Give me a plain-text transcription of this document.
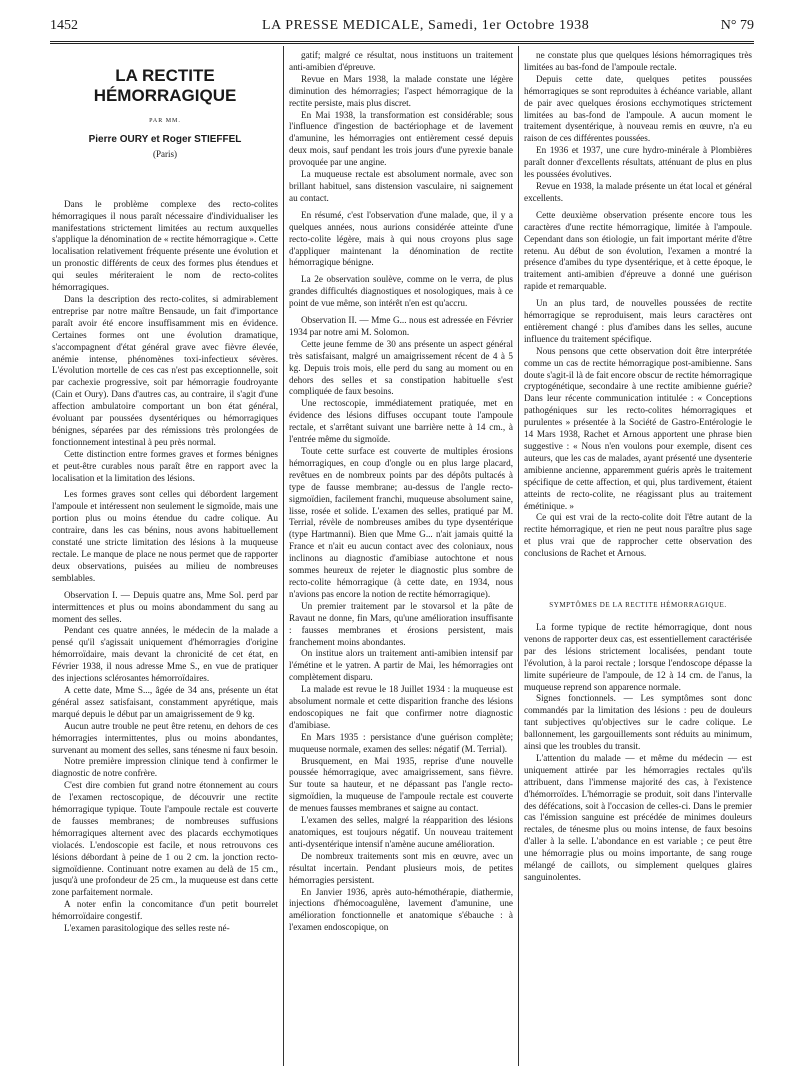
1452	LA PRESSE MEDICALE, Samedi, 1er Octobre 1938	N° 79
LA RECTITE HÉMORRAGIQUE
PAR MM.
Pierre OURY et Roger STIEFFEL
(Paris)

Dans le problème complexe des recto-colites hémorragiques il nous paraît nécessaire d'individualiser les manifestations strictement limitées au rectum auxquelles s'applique la dénomination de « rectite hémorragique ». Cette localisation relativement fréquente présente une évolution et un pronostic différents de ceux des formes plus étendues et qui seules mériteraient le nom de recto-colites hémorragiques.

Dans la description des recto-colites, si admirablement entreprise par notre maître Bensaude, un fait d'importance paraît avoir été encore insuffisamment mis en évidence. Certaines formes ont une évolution dramatique, s'accompagnent d'état général grave avec fièvre élevée, anémie intense, phénomènes toxi-infectieux sévères. L'évolution mortelle de ces cas n'est pas exceptionnelle, soit par cachexie progressive, soit par hémorragie foudroyante (Cain et Oury). Dans d'autres cas, au contraire, il s'agit d'une affection ambulatoire comportant un bon état général, évoluant par poussées dysentériques ou hémorragiques bénignes, séparées par des rémissions très prolongées de fonctionnement intestinal à peu près normal.

Cette distinction entre formes graves et formes bénignes et peut-être curables nous paraît être en rapport avec la localisation et la limitation des lésions.

Les formes graves sont celles qui débordent largement l'ampoule et intéressent non seulement le sigmoïde, mais une portion plus ou moins étendue du cadre colique. Au contraire, dans les cas bénins, nous avons habituellement constaté une stricte limitation des lésions à la muqueuse rectale. Le manque de place ne nous permet que de rapporter deux observations, puisées au milieu de nombreuses semblables.

Observation I. — Depuis quatre ans, Mme Sol. perd par intermittences et plus ou moins abondamment du sang au moment des selles.

Pendant ces quatre années, le médecin de la malade a pensé qu'il s'agissait uniquement d'hémorragies d'origine hémorroïdaire, mais devant la chronicité de cet état, en Février 1938, il nous adresse Mme S., en vue de pratiquer des injections sclérosantes hémorroïdaires.

A cette date, Mme S..., âgée de 34 ans, présente un état général assez satisfaisant, constamment apyrétique, mais marqué depuis le début par un amaigrissement de 9 kg.

Aucun autre trouble ne peut être retenu, en dehors de ces hémorragies intermittentes, plus ou moins abondantes, survenant au moment des selles, sans ténesme ni faux besoin.

Notre première impression clinique tend à confirmer le diagnostic de notre confrère.

C'est dire combien fut grand notre étonnement au cours de l'examen rectoscopique, de découvrir une rectite hémorragique typique. Toute l'ampoule rectale est couverte de fausses membranes; de nombreuses suffusions hémorragiques alternent avec des placards ecchymotiques violacés. L'endoscopie est facile, et nous retrouvons ces lésions débordant à peine de 1 ou 2 cm. la jonction recto-sigmoïdienne. Continuant notre examen au delà de 15 cm., jusqu'à une profondeur de 25 cm., la muqueuse est dans cette zone parfaitement normale.

A noter enfin la concomitance d'un petit bourrelet hémorroïdaire congestif.

L'examen parasitologique des selles reste né-

gatif; malgré ce résultat, nous instituons un traitement anti-amibien d'épreuve.

Revue en Mars 1938, la malade constate une légère diminution des hémorragies; l'aspect hémorragique de la rectite persiste, mais plus discret.

En Mai 1938, la transformation est considérable; sous l'influence d'ingestion de bactériophage et de lavement d'amunine, les hémorragies ont entièrement cessé depuis deux mois, sauf pendant les trois jours d'une pyrexie banale provoquée par une angine.

La muqueuse rectale est absolument normale, avec son brillant habituel, sans distension vasculaire, ni saignement au contact.

En résumé, c'est l'observation d'une malade, que, il y a quelques années, nous aurions considérée atteinte d'une recto-colite légère, mais à qui nous croyons plus sage d'appliquer maintenant la dénomination de rectite hémorragique bénigne.

La 2e observation soulève, comme on le verra, de plus grandes difficultés diagnostiques et nosologiques, mais à ce point de vue même, son intérêt n'en est qu'accru.

Observation II. — Mme G... nous est adressée en Février 1934 par notre ami M. Solomon.

Cette jeune femme de 30 ans présente un aspect général très satisfaisant, malgré un amaigrissement récent de 4 à 5 kg. Depuis trois mois, elle perd du sang au moment ou en dehors des selles et sa constipation habituelle s'est compliquée de faux besoins.

Une rectoscopie, immédiatement pratiquée, met en évidence des lésions diffuses occupant toute l'ampoule rectale, et s'arrêtant suivant une barrière nette à 14 cm., à l'entrée même du sigmoïde.

Toute cette surface est couverte de multiples érosions hémorragiques, en coup d'ongle ou en plus large placard, revêtues en de nombreux points par des dépôts pultacés à type de fausse membrane; au-dessus de l'angle recto-sigmoïdien, facilement franchi, muqueuse absolument saine, lisse, rosée et solide. L'examen des selles, pratiqué par M. Terrial, révèle de nombreuses amibes du type dysentérique (type Hartmanni). Bien que Mme G... n'ait jamais quitté la France et n'ait eu aucun contact avec des coloniaux, nous inclinons au diagnostic d'amibiase autochtone et nous sommes heureux de rejeter le diagnostic plus sombre de recto-colite hémorragique (à cette date, en 1934, nous n'avions pas encore la notion de rectite hémorragique).

Un premier traitement par le stovarsol et la pâte de Ravaut ne donne, fin Mars, qu'une amélioration insuffisante : fausses membranes et érosions persistent, mais franchement moins abondantes.

On institue alors un traitement anti-amibien intensif par l'émétine et le yatren. A partir de Mai, les hémorragies ont complètement disparu.

La malade est revue le 18 Juillet 1934 : la muqueuse est absolument normale et cette disparition franche des lésions endoscopiques ne fait que confirmer notre diagnostic d'amibiase.

En Mars 1935 : persistance d'une guérison complète; muqueuse normale, examen des selles: négatif (M. Terrial).

Brusquement, en Mai 1935, reprise d'une nouvelle poussée hémorragique, avec amaigrissement, sans fièvre. Sur toute sa hauteur, et ne dépassant pas l'angle recto-sigmoïdien, la muqueuse de l'ampoule rectale est couverte de menues fausses membranes et saigne au contact.

L'examen des selles, malgré la réapparition des lésions anatomiques, est toujours négatif. Un nouveau traitement anti-dysentérique intensif n'amène aucune amélioration.

De nombreux traitements sont mis en œuvre, avec un résultat incertain. Pendant plusieurs mois, de petites hémorragies persistent.

En Janvier 1936, après auto-hémothérapie, diathermie, injections d'hémocoagulène, lavement d'amunine, une amélioration fonctionnelle et anatomique s'ébauche : à l'examen endoscopique, on

ne constate plus que quelques lésions hémorragiques très limitées au bas-fond de l'ampoule rectale.

Depuis cette date, quelques petites poussées hémorragiques se sont reproduites à échéance variable, allant de pair avec quelques érosions ecchymotiques strictement limitées au bas-fond de l'ampoule. A aucun moment le traitement dysentérique, à nouveau remis en œuvre, n'a eu raison de ces différentes poussées.

En 1936 et 1937, une cure hydro-minérale à Plombières paraît donner d'excellents résultats, atténuant de plus en plus les poussées évolutives.

Revue en 1938, la malade présente un état local et général excellents.

Cette deuxième observation présente encore tous les caractères d'une rectite hémorragique, limitée à l'ampoule. Cependant dans son étiologie, un fait important mérite d'être retenu. Au début de son évolution, l'examen a montré la présence d'amibes du type dysentérique, et à cette époque, le traitement anti-amibien d'épreuve a donné une guérison rapide et remarquable.

Un an plus tard, de nouvelles poussées de rectite hémorragique se reproduisent, mais leurs caractères ont entièrement changé : plus d'amibes dans les selles, aucune influence du traitement spécifique.

Nous pensons que cette observation doit être interprétée comme un cas de rectite hémorragique post-amibienne. Sans doute s'agit-il là de fait encore obscur de rectite hémorragique cryptogénétique, secondaire à une rectite amibienne guérie? Dans leur récente communication intitulée : « Conceptions pathogéniques sur les recto-colites hémorragiques et purulentes » présentée à la Société de Gastro-Entérologie le 14 Mars 1938, Rachet et Arnous apportent une phrase bien suggestive : « Nous n'en voulons pour exemple, disent ces auteurs, que les cas de malades, ayant présenté une dysenterie amibienne ancienne, apparemment guéris après le traitement spécifique de cette affection, et qui, plus tardivement, étaient atteints de recto-colite, ne réagissant plus au traitement émétinique. »

Ce qui est vrai de la recto-colite doit l'être autant de la rectite hémorragique, et rien ne peut nous paraître plus sage et plus vrai que de rapprocher cette observation des conclusions de Rachet et Arnous.

SYMPTÔMES DE LA RECTITE HÉMORRAGIQUE.

La forme typique de rectite hémorragique, dont nous venons de rapporter deux cas, est essentiellement caractérisée par des lésions strictement localisées, pendant toute l'évolution, à la paroi rectale ; lorsque l'endoscope dépasse la limite supérieure de l'ampoule, de 12 à 14 cm. de l'anus, la muqueuse reprend son apparence normale.

Signes fonctionnels. — Les symptômes sont donc commandés par la limitation des lésions : peu de douleurs tant subjectives qu'objectives sur le cadre colique. Le ballonnement, les gargouillements sont réduits au minimum, ainsi que les troubles du transit.

L'attention du malade — et même du médecin — est uniquement attirée par les hémorragies rectales qu'ils attribuent, dans l'immense majorité des cas, à l'existence d'hémorroïdes. L'hémorragie se produit, soit dans l'intervalle des défécations, soit à l'occasion de celles-ci. Dans le premier cas l'émission sanguine est précédée de minimes douleurs rectales, de ténesme plus ou moins intense, de faux besoins d'aller à la selle. L'abondance en est variable ; ce peut être une hémorragie plus ou moins importante, de sang rouge mélangé de caillots, ou simplement quelques glaires sanguinolentes.
